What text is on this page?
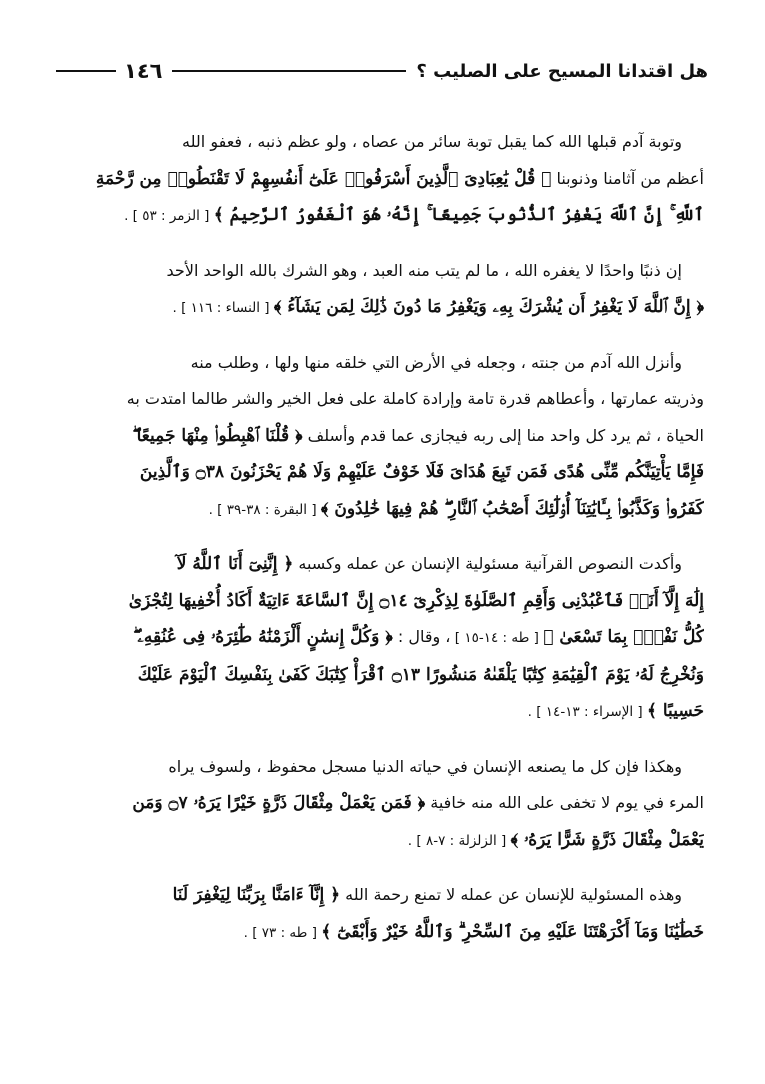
١٤٦	هل اقتدانا المسيح على الصليب ؟
وتوبة آدم قبلها الله كما يقبل توبة سائر من عصاه ، ولو عظم ذنبه ، فعفو الله
أعظم من آثامنا وذنوبنا ﴿ قُلْ يَٰعِبَادِىَ ٱلَّذِينَ أَسْرَفُوا۟ عَلَىٰٓ أَنفُسِهِمْ لَا تَقْنَطُوا۟ مِن رَّحْمَةِ
ٱللَّهِ ۚ إِنَّ ٱللَّهَ يَغْفِرُ ٱلذُّنُوبَ جَمِيعًا ۚ إِنَّهُۥ هُوَ ٱلْغَفُورُ ٱلرَّحِيمُ ﴾ [ الزمر : ٥٣ ] .
إن ذنبًا واحدًا لا يغفره الله ، ما لم يتب منه العبد ، وهو الشرك بالله الواحد الأحد
﴿ إِنَّ ٱللَّهَ لَا يَغْفِرُ أَن يُشْرَكَ بِهِۦ وَيَغْفِرُ مَا دُونَ ذَٰلِكَ لِمَن يَشَآءُ ﴾ [ النساء : ١١٦ ] .
وأنزل الله آدم من جنته ، وجعله في الأرض التي خلقه منها ولها ، وطلب منه
وذريته عمارتها ، وأعطاهم قدرة تامة وإرادة كاملة على فعل الخير والشر طالما امتدت به
الحياة ، ثم يرد كل واحد منا إلى ربه فيجازى عما قدم وأسلف ﴿ قُلْنَا ٱهْبِطُوا۟ مِنْهَا جَمِيعًا ۖ
فَإِمَّا يَأْتِيَنَّكُم مِّنِّى هُدًى فَمَن تَبِعَ هُدَاىَ فَلَا خَوْفٌ عَلَيْهِمْ وَلَا هُمْ يَحْزَنُونَ ۝٣٨ وَٱلَّذِينَ
كَفَرُوا۟ وَكَذَّبُوا۟ بِـَٔايَٰتِنَآ أُو۟لَٰٓئِكَ أَصْحَٰبُ ٱلنَّارِ ۖ هُمْ فِيهَا خَٰلِدُونَ ﴾ [ البقرة : ٣٨-٣٩ ] .
وأكدت النصوص القرآنية مسئولية الإنسان عن عمله وكسبه ﴿ إِنَّنِىٓ أَنَا ٱللَّهُ لَآ
إِلَٰهَ إِلَّآ أَنَا۠ فَٱعْبُدْنِى وَأَقِمِ ٱلصَّلَوٰةَ لِذِكْرِىٓ ۝١٤ إِنَّ ٱلسَّاعَةَ ءَاتِيَةٌ أَكَادُ أُخْفِيهَا لِتُجْزَىٰ
كُلُّ نَفْسٍۭ بِمَا تَسْعَىٰ ﴾ [ طه : ١٤-١٥ ] ، وقال : ﴿ وَكُلَّ إِنسَٰنٍ أَلْزَمْنَٰهُ طَٰٓئِرَهُۥ فِى عُنُقِهِۦ ۖ
وَنُخْرِجُ لَهُۥ يَوْمَ ٱلْقِيَٰمَةِ كِتَٰبًا يَلْقَىٰهُ مَنشُورًا ۝١٣ ٱقْرَأْ كِتَٰبَكَ كَفَىٰ بِنَفْسِكَ ٱلْيَوْمَ عَلَيْكَ
حَسِيبًا ﴾ [ الإسراء : ١٣-١٤ ] .
وهكذا فإن كل ما يصنعه الإنسان في حياته الدنيا مسجل محفوظ ، ولسوف يراه
المرء في يوم لا تخفى على الله منه خافية ﴿ فَمَن يَعْمَلْ مِثْقَالَ ذَرَّةٍ خَيْرًا يَرَهُۥ ۝٧ وَمَن
يَعْمَلْ مِثْقَالَ ذَرَّةٍ شَرًّا يَرَهُۥ ﴾ [ الزلزلة : ٧-٨ ] .
وهذه المسئولية للإنسان عن عمله لا تمنع رحمة الله ﴿ إِنَّآ ءَامَنَّا بِرَبِّنَا لِيَغْفِرَ لَنَا
خَطَٰيَٰنَا وَمَآ أَكْرَهْتَنَا عَلَيْهِ مِنَ ٱلسِّحْرِ ۗ وَٱللَّهُ خَيْرٌ وَأَبْقَىٰٓ ﴾ [ طه : ٧٣ ] .
